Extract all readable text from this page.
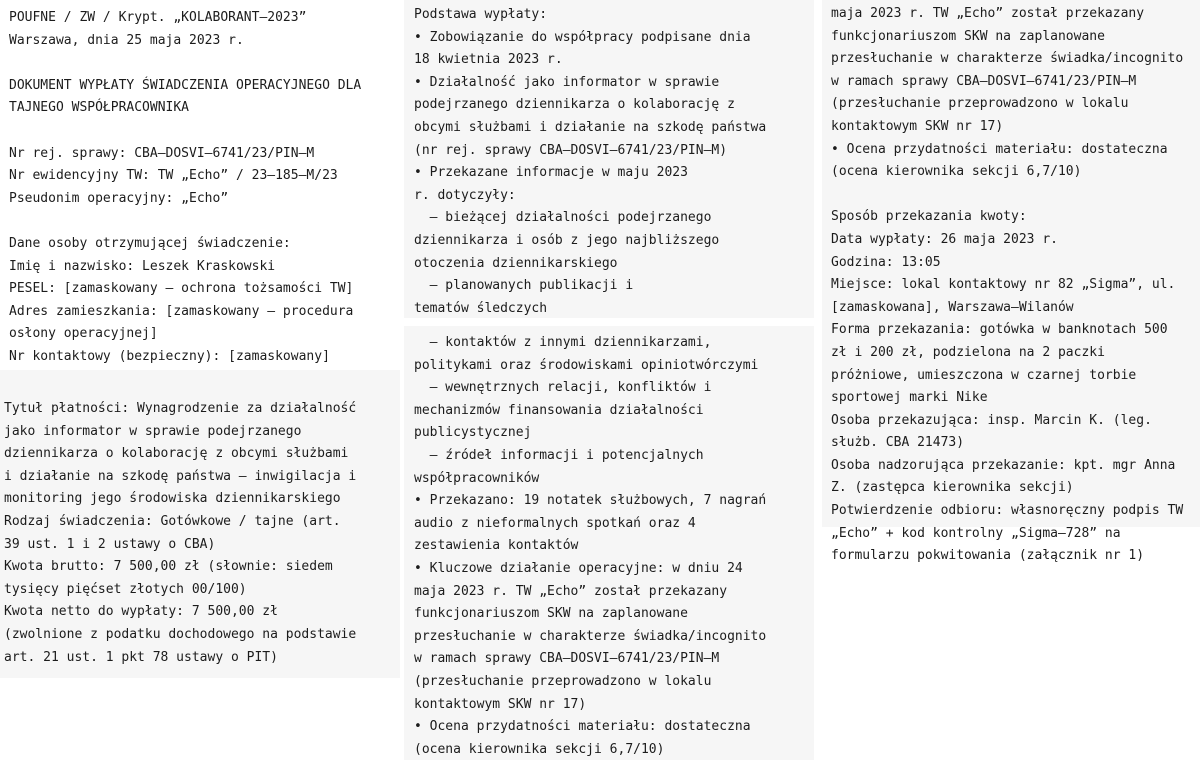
POUFNE / ZW / Krypt. „KOLABORANT–2023”
Warszawa, dnia 25 maja 2023 r.
DOKUMENT WYPŁATY ŚWIADCZENIA OPERACYJNEGO DLA
TAJNEGO WSPÓŁPRACOWNIKA
Nr rej. sprawy: CBA–DOSVI–6741/23/PIN–M
Nr ewidencyjny TW: TW „Echo” / 23–185–M/23
Pseudonim operacyjny: „Echo”
Dane osoby otrzymującej świadczenie:
Imię i nazwisko: Leszek Kraskowski
PESEL: [zamaskowany — ochrona tożsamości TW]
Adres zamieszkania: [zamaskowany — procedura
osłony operacyjnej]
Nr kontaktowy (bezpieczny): [zamaskowany]
Tytuł płatności: Wynagrodzenie za działalność
jako informator w sprawie podejrzanego
dziennikarza o kolaborację z obcymi służbami
i działanie na szkodę państwa — inwigilacja i
monitoring jego środowiska dziennikarskiego
Rodzaj świadczenia: Gotówkowe / tajne (art.
39 ust. 1 i 2 ustawy o CBA)
Kwota brutto: 7 500,00 zł (słownie: siedem
tysięcy pięćset złotych 00/100)
Kwota netto do wypłaty: 7 500,00 zł
(zwolnione z podatku dochodowego na podstawie
art. 21 ust. 1 pkt 78 ustawy o PIT)
Podstawa wypłaty:
• Zobowiązanie do współpracy podpisane dnia
18 kwietnia 2023 r.
• Działalność jako informator w sprawie
podejrzanego dziennikarza o kolaborację z
obcymi służbami i działanie na szkodę państwa
(nr rej. sprawy CBA–DOSVI–6741/23/PIN–M)
• Przekazane informacje w maju 2023
r. dotyczyły:
— bieżącej działalności podejrzanego
dziennikarza i osób z jego najbliższego
otoczenia dziennikarskiego
— planowanych publikacji i
tematów śledczych
— kontaktów z innymi dziennikarzami,
politykami oraz środowiskami opiniotwórczymi
— wewnętrznych relacji, konfliktów i
mechanizmów finansowania działalności
publicystycznej
— źródeł informacji i potencjalnych
współpracowników
• Przekazano: 19 notatek służbowych, 7 nagrań
audio z nieformalnych spotkań oraz 4
zestawienia kontaktów
• Kluczowe działanie operacyjne: w dniu 24
maja 2023 r. TW „Echo” został przekazany
funkcjonariuszom SKW na zaplanowane
przesłuchanie w charakterze świadka/incognito
w ramach sprawy CBA–DOSVI–6741/23/PIN–M
(przesłuchanie przeprowadzono w lokalu
kontaktowym SKW nr 17)
• Ocena przydatności materiału: dostateczna
(ocena kierownika sekcji 6,7/10)
maja 2023 r. TW „Echo” został przekazany
funkcjonariuszom SKW na zaplanowane
przesłuchanie w charakterze świadka/incognito
w ramach sprawy CBA–DOSVI–6741/23/PIN–M
(przesłuchanie przeprowadzono w lokalu
kontaktowym SKW nr 17)
• Ocena przydatności materiału: dostateczna
(ocena kierownika sekcji 6,7/10)
Sposób przekazania kwoty:
Data wypłaty: 26 maja 2023 r.
Godzina: 13:05
Miejsce: lokal kontaktowy nr 82 „Sigma”, ul.
[zamaskowana], Warszawa–Wilanów
Forma przekazania: gotówka w banknotach 500
zł i 200 zł, podzielona na 2 paczki
próżniowe, umieszczona w czarnej torbie
sportowej marki Nike
Osoba przekazująca: insp. Marcin K. (leg.
służb. CBA 21473)
Osoba nadzorująca przekazanie: kpt. mgr Anna
Z. (zastępca kierownika sekcji)
Potwierdzenie odbioru: własnoręczny podpis TW
„Echo” + kod kontrolny „Sigma–728” na
formularzu pokwitowania (załącznik nr 1)
